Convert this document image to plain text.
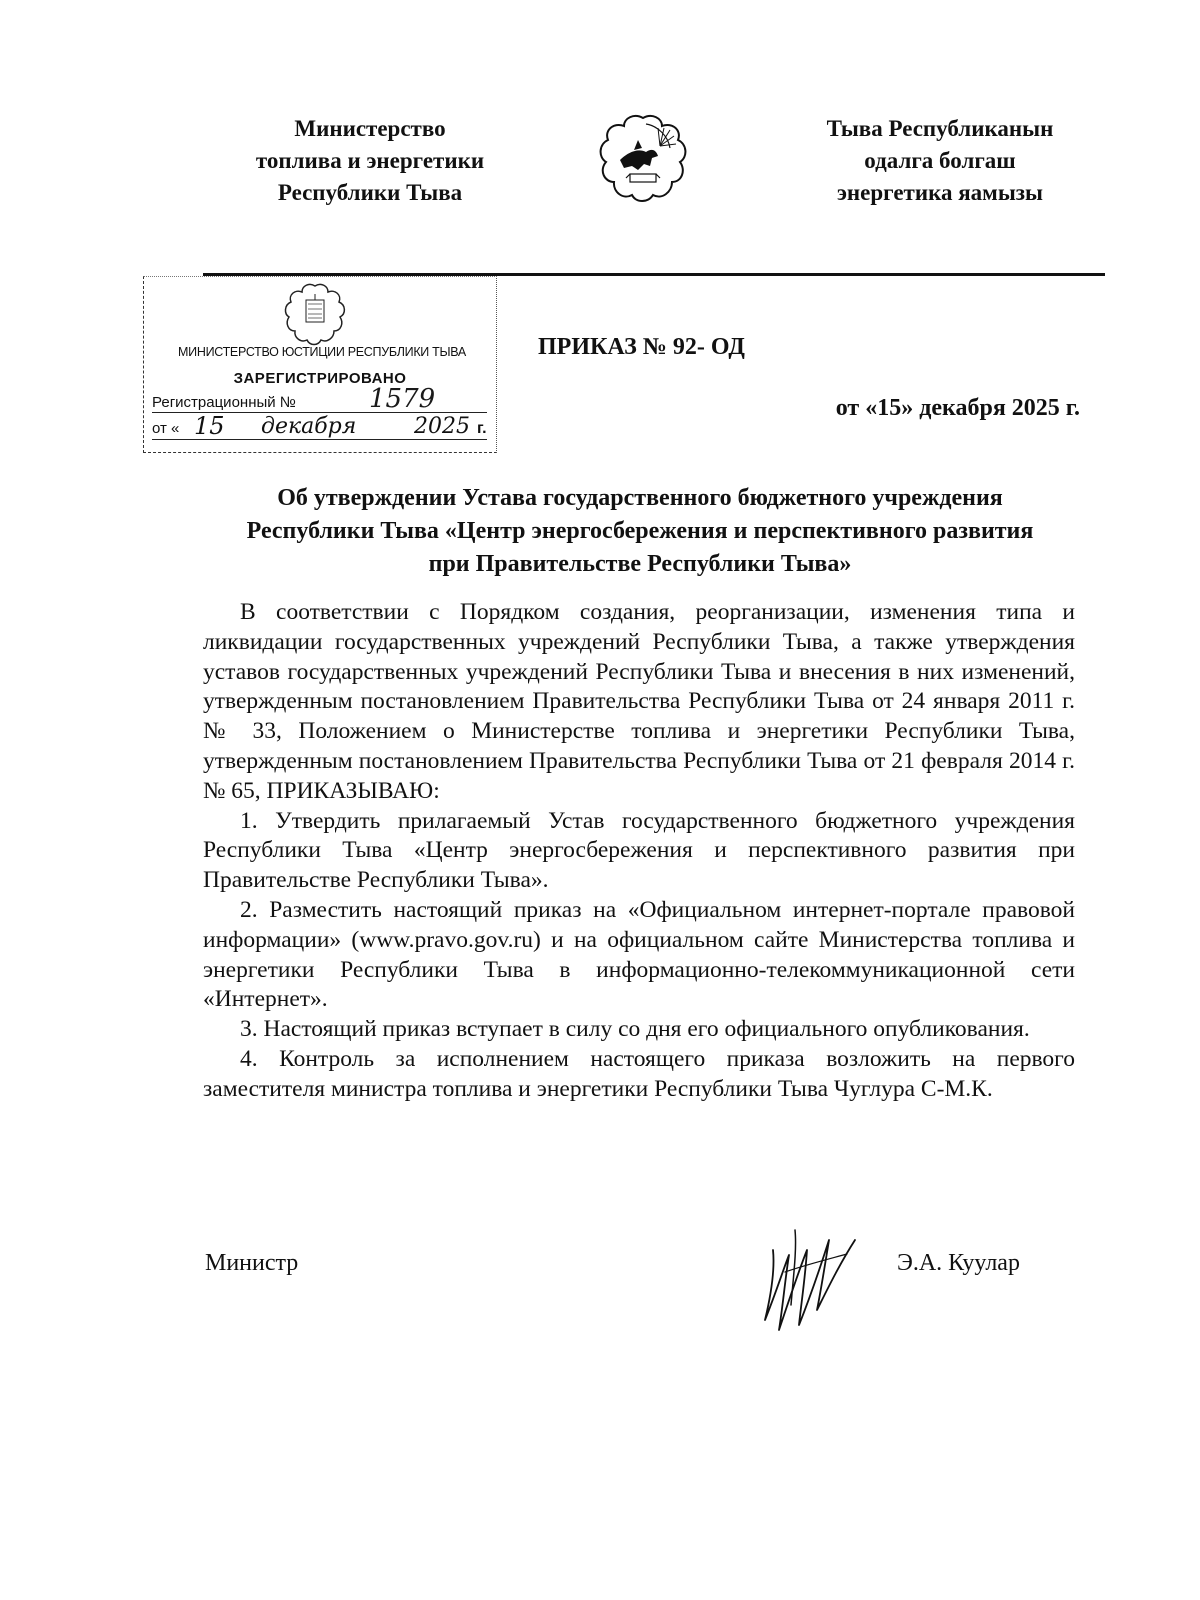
Министерство
топлива и энергетики
Республики Тыва
Тыва Республиканын
одалга болгаш
энергетика яамызы
МИНИСТЕРСТВО ЮСТИЦИИ РЕСПУБЛИКИ ТЫВА
ЗАРЕГИСТРИРОВАНО
Регистрационный №	1579
от « 15 декабря	2025 г.
ПРИКАЗ № 92- ОД
от «15» декабря 2025 г.
Об утверждении Устава государственного бюджетного учреждения
Республики Тыва «Центр энергосбережения и перспективного развития
при Правительстве Республики Тыва»

В соответствии с Порядком создания, реорганизации, изменения типа и ликвидации государственных учреждений Республики Тыва, а также утверждения уставов государственных учреждений Республики Тыва и внесения в них изменений, утвержденным постановлением Правительства Республики Тыва от 24 января 2011 г. № 33, Положением о Министерстве топлива и энергетики Республики Тыва, утвержденным постановлением Правительства Республики Тыва от 21 февраля 2014 г. № 65, ПРИКАЗЫВАЮ:

1. Утвердить прилагаемый Устав государственного бюджетного учреждения Республики Тыва «Центр энергосбережения и перспективного развития при Правительстве Республики Тыва».

2. Разместить настоящий приказ на «Официальном интернет-портале правовой информации» (www.pravo.gov.ru) и на официальном сайте Министерства топлива и энергетики Республики Тыва в информационно-телекоммуникационной сети «Интернет».

3. Настоящий приказ вступает в силу со дня его официального опубликования.

4. Контроль за исполнением настоящего приказа возложить на первого заместителя министра топлива и энергетики Республики Тыва Чуглура С-М.К.

Министр	Э.А. Куулар
